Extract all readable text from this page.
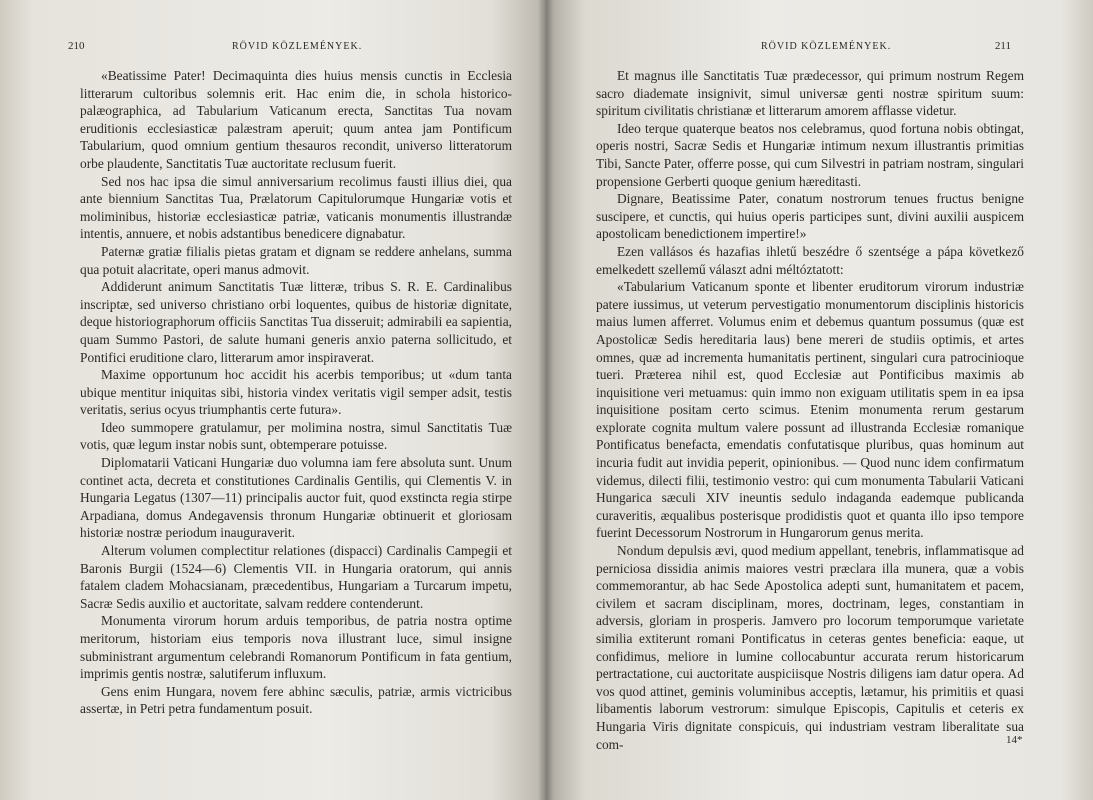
210	RÖVID KÖZLEMÉNYEK.

«Beatissime Pater! Decimaquinta dies huius mensis cunctis in Ecclesia litterarum cultoribus solemnis erit. Hac enim die, in schola historico-palæographica, ad Tabularium Vaticanum erecta, Sanctitas Tua novam eruditionis ecclesiasticæ palæstram aperuit; quum antea jam Pontificum Tabularium, quod omnium gentium thesauros recondit, universo litteratorum orbe plaudente, Sanctitatis Tuæ auctoritate reclusum fuerit.

Sed nos hac ipsa die simul anniversarium recolimus fausti illius diei, qua ante biennium Sanctitas Tua, Prælatorum Capitulorumque Hungariæ votis et moliminibus, historiæ ecclesiasticæ patriæ, vaticanis monumentis illustrandæ intentis, annuere, et nobis adstantibus benedicere dignabatur.

Paternæ gratiæ filialis pietas gratam et dignam se reddere anhelans, summa qua potuit alacritate, operi manus admovit.

Addiderunt animum Sanctitatis Tuæ litteræ, tribus S. R. E. Cardinalibus inscriptæ, sed universo christiano orbi loquentes, quibus de historiæ dignitate, deque historiographorum officiis Sanctitas Tua disseruit; admirabili ea sapientia, quam Summo Pastori, de salute humani generis anxio paterna sollicitudo, et Pontifici eruditione claro, litterarum amor inspiraverat.

Maxime opportunum hoc accidit his acerbis temporibus; ut «dum tanta ubique mentitur iniquitas sibi, historia vindex veritatis vigil semper adsit, testis veritatis, serius ocyus triumphantis certe futura».

Ideo summopere gratulamur, per molimina nostra, simul Sanctitatis Tuæ votis, quæ legum instar nobis sunt, obtemperare potuisse.

Diplomatarii Vaticani Hungariæ duo volumna iam fere absoluta sunt. Unum continet acta, decreta et constitutiones Cardinalis Gentilis, qui Clementis V. in Hungaria Legatus (1307—11) principalis auctor fuit, quod exstincta regia stirpe Arpadiana, domus Andegavensis thronum Hungariæ obtinuerit et gloriosam historiæ nostræ periodum inauguraverit.

Alterum volumen complectitur relationes (dispacci) Cardinalis Campegii et Baronis Burgii (1524—6) Clementis VII. in Hungaria oratorum, qui annis fatalem cladem Mohacsianam, præcedentibus, Hungariam a Turcarum impetu, Sacræ Sedis auxilio et auctoritate, salvam reddere contenderunt.

Monumenta virorum horum arduis temporibus, de patria nostra optime meritorum, historiam eius temporis nova illustrant luce, simul insigne subministrant argumentum celebrandi Romanorum Pontificum in fata gentium, imprimis gentis nostræ, salutiferum influxum.

Gens enim Hungara, novem fere abhinc sæculis, patriæ, armis victricibus assertæ, in Petri petra fundamentum posuit.

RÖVID KÖZLEMÉNYEK.	211

Et magnus ille Sanctitatis Tuæ prædecessor, qui primum nostrum Regem sacro diademate insignivit, simul universæ genti nostræ spiritum suum: spiritum civilitatis christianæ et litterarum amorem afflasse videtur.

Ideo terque quaterque beatos nos celebramus, quod fortuna nobis obtingat, operis nostri, Sacræ Sedis et Hungariæ intimum nexum illustrantis primitias Tibi, Sancte Pater, offerre posse, qui cum Silvestri in patriam nostram, singulari propensione Gerberti quoque genium hæreditasti.

Dignare, Beatissime Pater, conatum nostrorum tenues fructus benigne suscipere, et cunctis, qui huius operis participes sunt, divini auxilii auspicem apostolicam benedictionem impertire!»

Ezen vallásos és hazafias ihletű beszédre ő szentsége a pápa következő emelkedett szellemű választ adni méltóztatott:

«Tabularium Vaticanum sponte et libenter eruditorum virorum industriæ patere iussimus, ut veterum pervestigatio monumentorum disciplinis historicis maius lumen afferret. Volumus enim et debemus quantum possumus (quæ est Apostolicæ Sedis hereditaria laus) bene mereri de studiis optimis, et artes omnes, quæ ad incrementa humanitatis pertinent, singulari cura patrocinioque tueri. Præterea nihil est, quod Ecclesiæ aut Pontificibus maximis ab inquisitione veri metuamus: quin immo non exiguam utilitatis spem in ea ipsa inquisitione positam certo scimus. Etenim monumenta rerum gestarum explorate cognita multum valere possunt ad illustranda Ecclesiæ romanique Pontificatus benefacta, emendatis confutatisque pluribus, quas hominum aut incuria fudit aut invidia peperit, opinionibus. — Quod nunc idem confirmatum videmus, dilecti filii, testimonio vestro: qui cum monumenta Tabularii Vaticani Hungarica sæculi XIV ineuntis sedulo indaganda eademque publicanda curaveritis, æqualibus posterisque prodidistis quot et quanta illo ipso tempore fuerint Decessorum Nostrorum in Hungarorum genus merita.

Nondum depulsis ævi, quod medium appellant, tenebris, inflammatisque ad perniciosa dissidia animis maiores vestri præclara illa munera, quæ a vobis commemorantur, ab hac Sede Apostolica adepti sunt, humanitatem et pacem, civilem et sacram disciplinam, mores, doctrinam, leges, constantiam in adversis, gloriam in prosperis. Jamvero pro locorum temporumque varietate similia extiterunt romani Pontificatus in ceteras gentes beneficia: eaque, ut confidimus, meliore in lumine collocabuntur accurata rerum historicarum pertractatione, cui auctoritate auspiciisque Nostris diligens iam datur opera. Ad vos quod attinet, geminis voluminibus acceptis, lætamur, his primitiis et quasi libamentis laborum vestrorum: simulque Episcopis, Capitulis et ceteris ex Hungaria Viris dignitate conspicuis, qui industriam vestram liberalitate sua com-	14*
